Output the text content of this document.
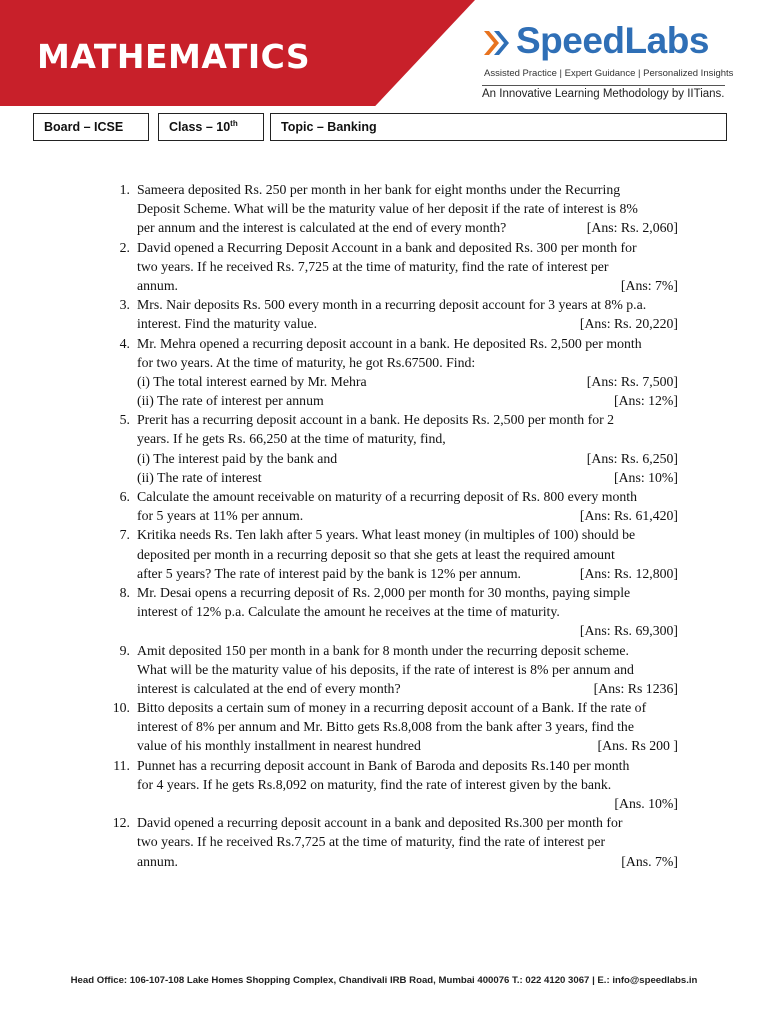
MATHEMATICS	SpeedLabs
Assisted Practice | Expert Guidance | Personalized Insights
An Innovative Learning Methodology by IITians.
Board – ICSE	Class – 10th	Topic – Banking
1. Sameera deposited Rs. 250 per month in her bank for eight months under the Recurring
Deposit Scheme. What will be the maturity value of her deposit if the rate of interest is 8%
per annum and the interest is calculated at the end of every month?	[Ans: Rs. 2,060]
2. David opened a Recurring Deposit Account in a bank and deposited Rs. 300 per month for
two years. If he received Rs. 7,725 at the time of maturity, find the rate of interest per
annum.	[Ans: 7%]
3. Mrs. Nair deposits Rs. 500 every month in a recurring deposit account for 3 years at 8% p.a.
interest. Find the maturity value.	[Ans: Rs. 20,220]
4. Mr. Mehra opened a recurring deposit account in a bank. He deposited Rs. 2,500 per month
for two years. At the time of maturity, he got Rs.67500. Find:
(i) The total interest earned by Mr. Mehra	[Ans: Rs. 7,500]
(ii) The rate of interest per annum	[Ans: 12%]
5. Prerit has a recurring deposit account in a bank. He deposits Rs. 2,500 per month for 2
years. If he gets Rs. 66,250 at the time of maturity, find,
(i) The interest paid by the bank and	[Ans: Rs. 6,250]
(ii) The rate of interest	[Ans: 10%]
6. Calculate the amount receivable on maturity of a recurring deposit of Rs. 800 every month
for 5 years at 11% per annum.	[Ans: Rs. 61,420]
7. Kritika needs Rs. Ten lakh after 5 years. What least money (in multiples of 100) should be
deposited per month in a recurring deposit so that she gets at least the required amount
after 5 years? The rate of interest paid by the bank is 12% per annum.	[Ans: Rs. 12,800]
8. Mr. Desai opens a recurring deposit of Rs. 2,000 per month for 30 months, paying simple
interest of 12% p.a. Calculate the amount he receives at the time of maturity.
[Ans: Rs. 69,300]
9. Amit deposited 150 per month in a bank for 8 month under the recurring deposit scheme.
What will be the maturity value of his deposits, if the rate of interest is 8% per annum and
interest is calculated at the end of every month?	[Ans: Rs 1236]
10. Bitto deposits a certain sum of money in a recurring deposit account of a Bank. If the rate of
interest of 8% per annum and Mr. Bitto gets Rs.8,008 from the bank after 3 years, find the
value of his monthly installment in nearest hundred	[Ans. Rs 200 ]
11. Punnet has a recurring deposit account in Bank of Baroda and deposits Rs.140 per month
for 4 years. If he gets Rs.8,092 on maturity, find the rate of interest given by the bank.
[Ans. 10%]
12. David opened a recurring deposit account in a bank and deposited Rs.300 per month for
two years. If he received Rs.7,725 at the time of maturity, find the rate of interest per
annum.	[Ans. 7%]
Head Office: 106-107-108 Lake Homes Shopping Complex, Chandivali IRB Road, Mumbai 400076 T.: 022 4120 3067 | E.: info@speedlabs.in
